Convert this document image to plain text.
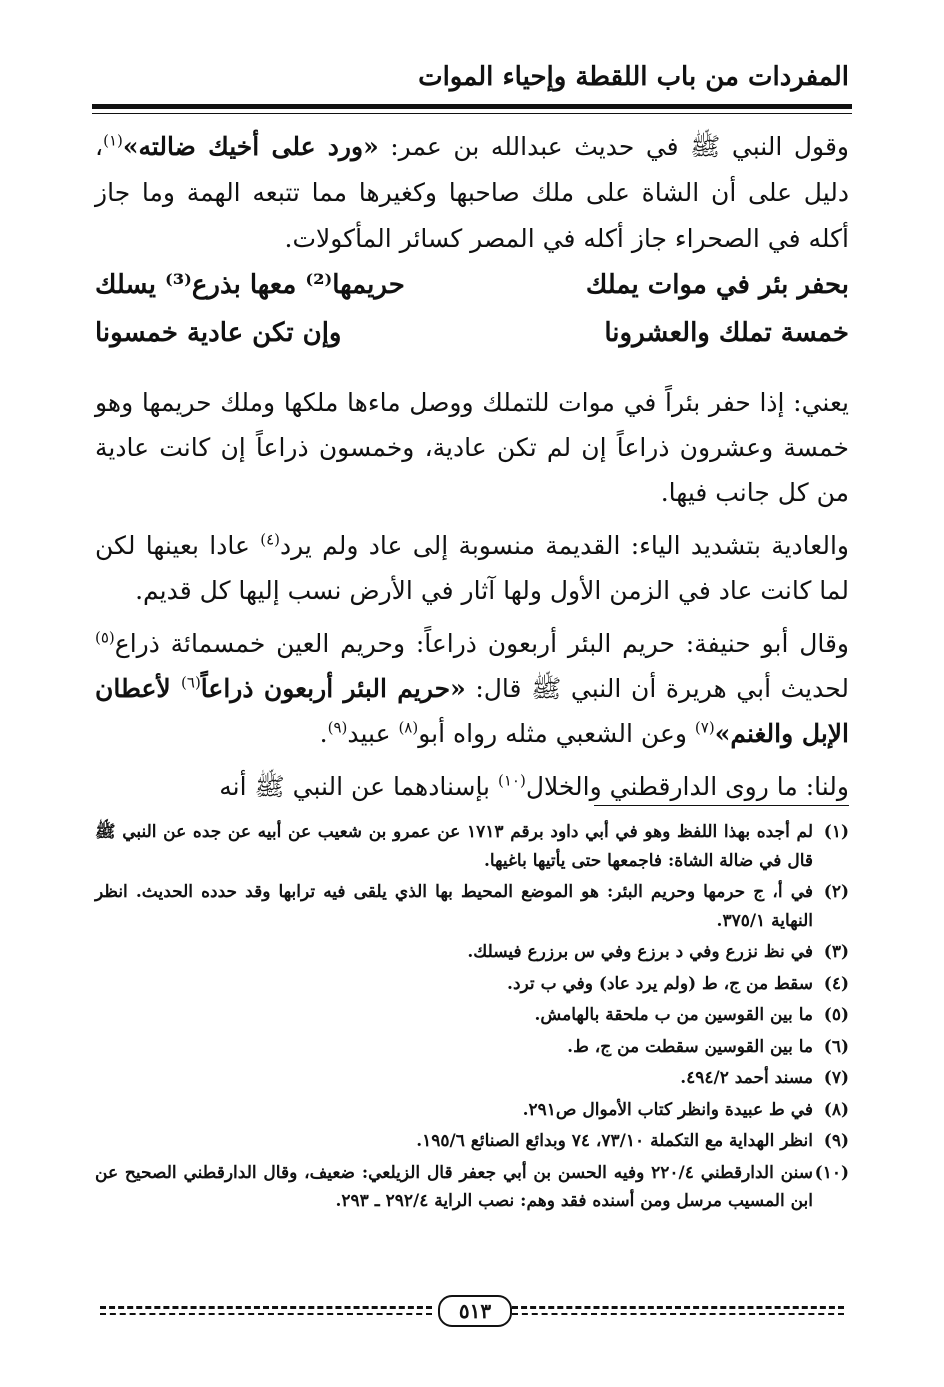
المفردات من باب اللقطة وإحياء الموات

وقول النبي ﷺ في حديث عبدالله بن عمر: «ورد على أخيك ضالته»$^{(١)}$، دليل على أن الشاة على ملك صاحبها وكغيرها مما تتبعه الهمة وما جاز أكله في الصحراء جاز أكله في المصر كسائر المأكولات.

بحفر بئر في موات يملك
حريمها⁽²⁾ معها بذرع⁽³⁾ يسلك
خمسة تملك والعشرونا
وإن تكن عادية خمسونا

يعني: إذا حفر بئراً في موات للتملك ووصل ماءها ملكها وملك حريمها وهو خمسة وعشرون ذراعاً إن لم تكن عادية، وخمسون ذراعاً إن كانت عادية من كل جانب فيها.

والعادية بتشديد الياء: القديمة منسوبة إلى عاد ولم يرد$^{(٤)}$ عادا بعينها لكن لما كانت عاد في الزمن الأول ولها آثار في الأرض نسب إليها كل قديم.

وقال أبو حنيفة: حريم البئر أربعون ذراعاً: وحريم العين خمسمائة ذراع$^{(٥)}$ لحديث أبي هريرة أن النبي ﷺ قال: «حريم البئر أربعون ذراعاً$^{(٦)}$ لأعطان الإبل والغنم»$^{(٧)}$ وعن الشعبي مثله رواه أبو$^{(٨)}$ عبيد$^{(٩)}$.

ولنا: ما روى الدارقطني والخلال$^{(١٠)}$ بإسنادهما عن النبي ﷺ أنه

(١)
لم أجده بهذا اللفظ وهو في أبي داود برقم ١٧١٣ عن عمرو بن شعيب عن أبيه عن جده عن النبي ﷺ قال في ضالة الشاة: فاجمعها حتى يأتيها باغيها.
(٢)
في أ، ج حرمها وحريم البئر: هو الموضع المحيط بها الذي يلقى فيه ترابها وقد حدده الحديث. انظر النهاية ٣٧٥/١.
(٣)
في نظ نزرع وفي د برزع وفي س برزرع فيسلك.
(٤)
سقط من ج، ط (ولم يرد عاد) وفي ب ترد.
(٥)
ما بين القوسين من ب ملحقة بالهامش.
(٦)
ما بين القوسين سقطت من ج، ط.
(٧)
مسند أحمد ٤٩٤/٢.
(٨)
في ط عبيدة وانظر كتاب الأموال ص٢٩١.
(٩)
انظر الهداية مع التكملة ٧٣/١٠، ٧٤ وبدائع الصنائع ١٩٥/٦.
(١٠)
سنن الدارقطني ٢٢٠/٤ وفيه الحسن بن أبي جعفر قال الزيلعي: ضعيف، وقال الدارقطني الصحيح عن ابن المسيب مرسل ومن أسنده فقد وهم: نصب الراية ٢٩٢/٤ ـ ٢٩٣.
٥١٣
